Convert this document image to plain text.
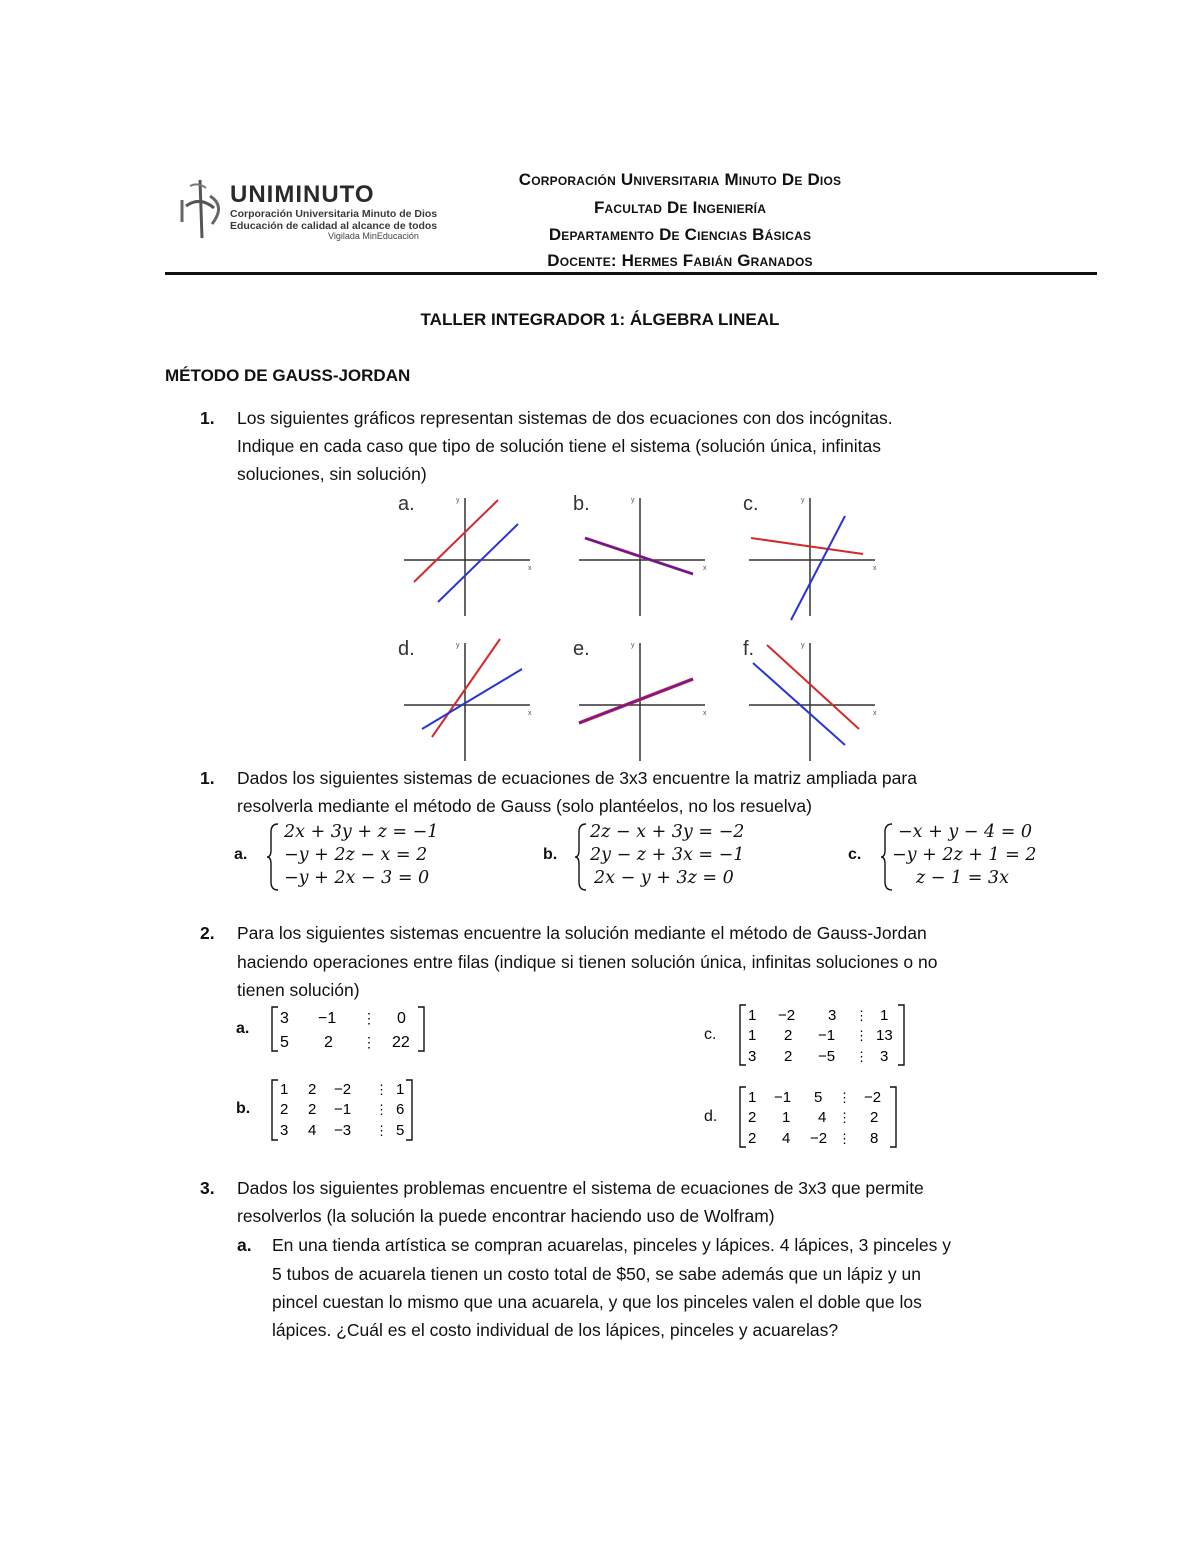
UNIMINUTO
Corporación Universitaria Minuto de Dios
Educación de calidad al alcance de todos
Vigilada MinEducación
Corporación Universitaria Minuto De Dios
Facultad De Ingeniería
Departamento De Ciencias Básicas
Docente: Hermes Fabián Granados
TALLER INTEGRADOR 1: ÁLGEBRA LINEAL
MÉTODO DE GAUSS-JORDAN
1. Los siguientes gráficos representan sistemas de dos ecuaciones con dos incógnitas.
Indique en cada caso que tipo de solución tiene el sistema (solución única, infinitas
soluciones, sin solución)
a.
x
y	b.
x
y	c.
x
y
d.
x
y	e.
x
y	f.
x
y
1. Dados los siguientes sistemas de ecuaciones de 3x3 encuentre la matriz ampliada para
resolverla mediante el método de Gauss (solo plantéelos, no los resuelva)
a.
2x + 3y + z = −1
−y + 2z − x = 2
−y + 2x − 3 = 0
b.
2z − x + 3y = −2
2y − z + 3x = −1
2x − y + 3z = 0
c.
−x + y − 4 = 0
−y + 2z + 1 = 2
z − 1 = 3x
2. Para los siguientes sistemas encuentre la solución mediante el método de Gauss-Jordan
haciendo operaciones entre filas (indique si tienen solución única, infinitas soluciones o no
tienen solución)
a.
3 −1 ⋮ 0
5 2 ⋮ 22
b.
1 2 −2 ⋮ 1
2 2 −1 ⋮ 6
3 4 −3 ⋮ 5
c.
1 −2 3 ⋮ 1
1 2 −1 ⋮ 13
3 2 −5 ⋮ 3
d.
1 −1 5 ⋮ −2
2 1 4 ⋮ 2
2 4 −2 ⋮ 8
3. Dados los siguientes problemas encuentre el sistema de ecuaciones de 3x3 que permite
resolverlos (la solución la puede encontrar haciendo uso de Wolfram)
a. En una tienda artística se compran acuarelas, pinceles y lápices. 4 lápices, 3 pinceles y
5 tubos de acuarela tienen un costo total de $50, se sabe además que un lápiz y un
pincel cuestan lo mismo que una acuarela, y que los pinceles valen el doble que los
lápices. ¿Cuál es el costo individual de los lápices, pinceles y acuarelas?
